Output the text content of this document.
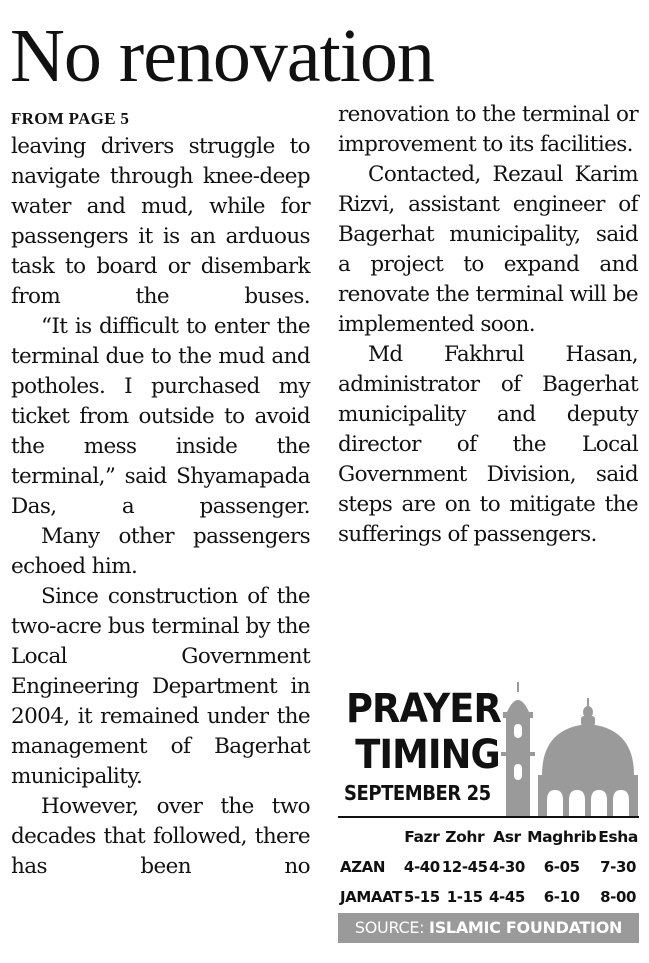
No renovation
FROM PAGE 5

leaving drivers struggle to navigate through knee-deep water and mud, while for passengers it is an arduous task to board or disembark from the buses.

“It is difficult to enter the terminal due to the mud and potholes. I purchased my ticket from outside to avoid the mess inside the terminal,” said Shyamapada Das, a passenger.

Many other passengers echoed him.

Since construction of the two-acre bus terminal by the Local Government Engineering Department in 2004, it remained under the management of Bagerhat municipality.

However, over the two decades that followed, there has been no

renovation to the terminal or improvement to its facilities.

Contacted, Rezaul Karim Rizvi, assistant engineer of Bagerhat municipality, said a project to expand and renovate the terminal will be implemented soon.

Md Fakhrul Hasan, administrator of Bagerhat municipality and deputy director of the Local Government Division, said steps are on to mitigate the sufferings of passengers.

PRAYER
TIMING
SEPTEMBER 25
	Fazr	Zohr	Asr	Maghrib	Esha
AZAN	4-40	12-45	4-30	6-05	7-30
JAMAAT	5-15	1-15	4-45	6-10	8-00
SOURCE: ISLAMIC FOUNDATION
